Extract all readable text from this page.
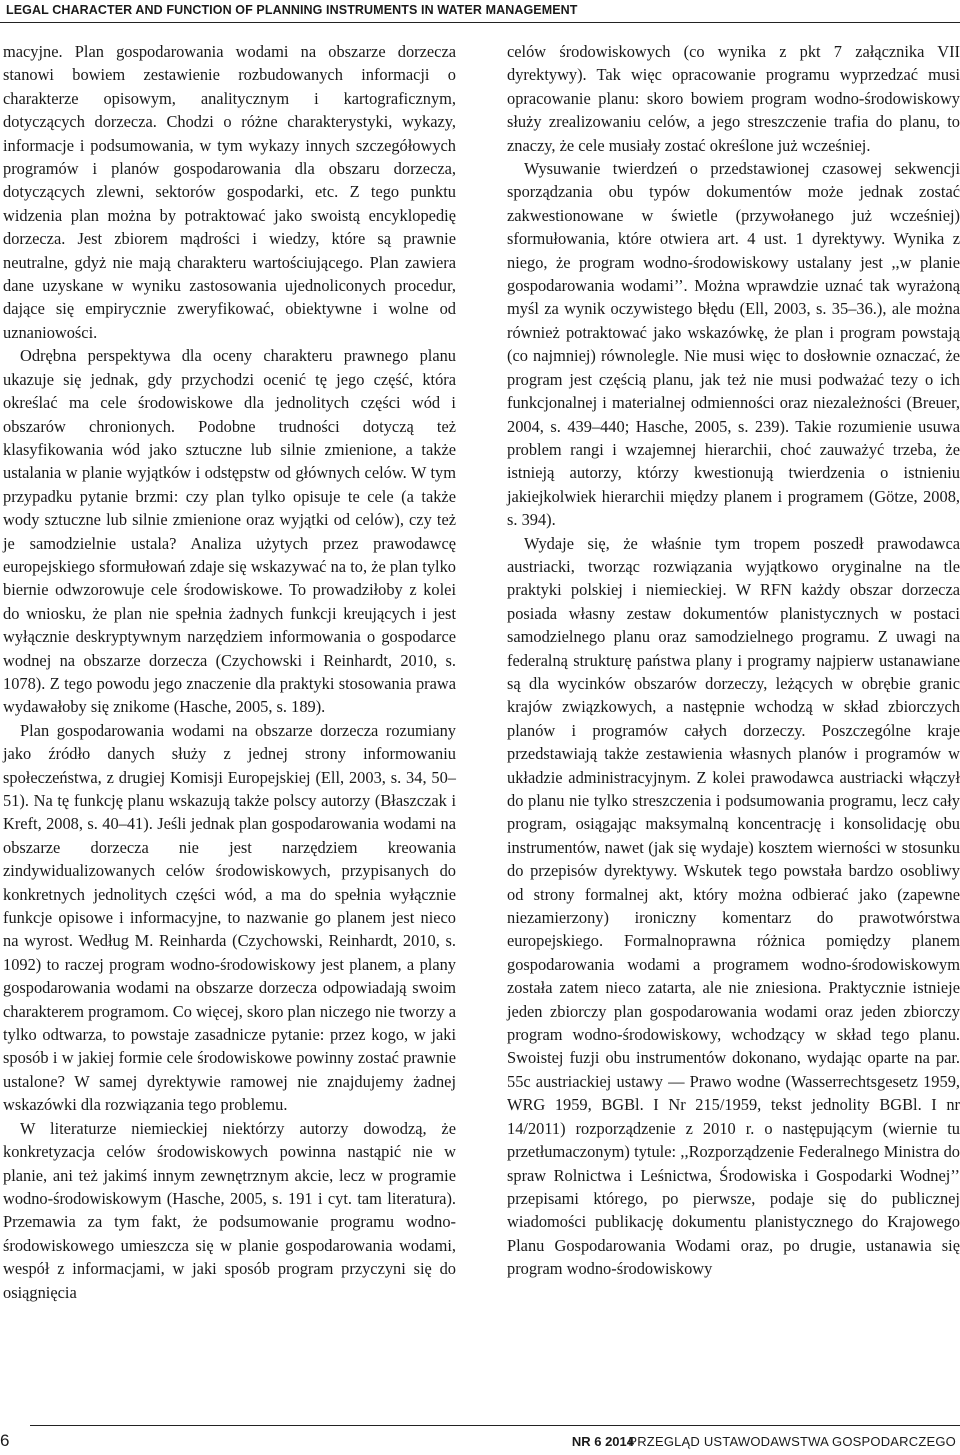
LEGAL CHARACTER AND FUNCTION OF PLANNING INSTRUMENTS IN WATER MANAGEMENT

macyjne. Plan gospodarowania wodami na obszarze dorzecza stanowi bowiem zestawienie rozbudowanych informacji o charakterze opisowym, analitycznym i kartograficznym, dotyczących dorzecza. Chodzi o różne charakterystyki, wykazy, informacje i podsumowania, w tym wykazy innych szczegółowych programów i planów gospodarowania dla obszaru dorzecza, dotyczących zlewni, sektorów gospodarki, etc. Z tego punktu widzenia plan można by potraktować jako swoistą encyklopedię dorzecza. Jest zbiorem mądrości i wiedzy, które są prawnie neutralne, gdyż nie mają charakteru wartościującego. Plan zawiera dane uzyskane w wyniku zastosowania ujednoliconych procedur, dające się empirycznie zweryfikować, obiektywne i wolne od uznaniowości.

Odrębna perspektywa dla oceny charakteru prawnego planu ukazuje się jednak, gdy przychodzi ocenić tę jego część, która określać ma cele środowiskowe dla jednolitych części wód i obszarów chronionych. Podobne trudności dotyczą też klasyfikowania wód jako sztuczne lub silnie zmienione, a także ustalania w planie wyjątków i odstępstw od głównych celów. W tym przypadku pytanie brzmi: czy plan tylko opisuje te cele (a także wody sztuczne lub silnie zmienione oraz wyjątki od celów), czy też je samodzielnie ustala? Analiza użytych przez prawodawcę europejskiego sformułowań zdaje się wskazywać na to, że plan tylko biernie odwzorowuje cele środowiskowe. To prowadziłoby z kolei do wniosku, że plan nie spełnia żadnych funkcji kreujących i jest wyłącznie deskryptywnym narzędziem informowania o gospodarce wodnej na obszarze dorzecza (Czychowski i Reinhardt, 2010, s. 1078). Z tego powodu jego znaczenie dla praktyki stosowania prawa wydawałoby się znikome (Hasche, 2005, s. 189).

Plan gospodarowania wodami na obszarze dorzecza rozumiany jako źródło danych służy z jednej strony informowaniu społeczeństwa, z drugiej Komisji Europejskiej (Ell, 2003, s. 34, 50–51). Na tę funkcję planu wskazują także polscy autorzy (Błaszczak i Kreft, 2008, s. 40–41). Jeśli jednak plan gospodarowania wodami na obszarze dorzecza nie jest narzędziem kreowania zindywidualizowanych celów środowiskowych, przypisanych do konkretnych jednolitych części wód, a ma do spełnia wyłącznie funkcje opisowe i informacyjne, to nazwanie go planem jest nieco na wyrost. Według M. Reinharda (Czychowski, Reinhardt, 2010, s. 1092) to raczej program wodno-środowiskowy jest planem, a plany gospodarowania wodami na obszarze dorzecza odpowiadają swoim charakterem programom. Co więcej, skoro plan niczego nie tworzy a tylko odtwarza, to powstaje zasadnicze pytanie: przez kogo, w jaki sposób i w jakiej formie cele środowiskowe powinny zostać prawnie ustalone? W samej dyrektywie ramowej nie znajdujemy żadnej wskazówki dla rozwiązania tego problemu.

W literaturze niemieckiej niektórzy autorzy dowodzą, że konkretyzacja celów środowiskowych powinna nastąpić nie w planie, ani też jakimś innym zewnętrznym akcie, lecz w programie wodno-środowiskowym (Hasche, 2005, s. 191 i cyt. tam literatura). Przemawia za tym fakt, że podsumowanie programu wodno-środowiskowego umieszcza się w planie gospodarowania wodami, wespół z informacjami, w jaki sposób program przyczyni się do osiągnięcia

celów środowiskowych (co wynika z pkt 7 załącznika VII dyrektywy). Tak więc opracowanie programu wyprzedzać musi opracowanie planu: skoro bowiem program wodno-środowiskowy służy zrealizowaniu celów, a jego streszczenie trafia do planu, to znaczy, że cele musiały zostać określone już wcześniej.

Wysuwanie twierdzeń o przedstawionej czasowej sekwencji sporządzania obu typów dokumentów może jednak zostać zakwestionowane w świetle (przywołanego już wcześniej) sformułowania, które otwiera art. 4 ust. 1 dyrektywy. Wynika z niego, że program wodno-środowiskowy ustalany jest ,,w planie gospodarowania wodami’’. Można wprawdzie uznać tak wyrażoną myśl za wynik oczywistego błędu (Ell, 2003, s. 35–36.), ale można również potraktować jako wskazówkę, że plan i program powstają (co najmniej) równolegle. Nie musi więc to dosłownie oznaczać, że program jest częścią planu, jak też nie musi podważać tezy o ich funkcjonalnej i materialnej odmienności oraz niezależności (Breuer, 2004, s. 439–440; Hasche, 2005, s. 239). Takie rozumienie usuwa problem rangi i wzajemnej hierarchii, choć zauważyć trzeba, że istnieją autorzy, którzy kwestionują twierdzenia o istnieniu jakiejkolwiek hierarchii między planem i programem (Götze, 2008, s. 394).

Wydaje się, że właśnie tym tropem poszedł prawodawca austriacki, tworząc rozwiązania wyjątkowo oryginalne na tle praktyki polskiej i niemieckiej. W RFN każdy obszar dorzecza posiada własny zestaw dokumentów planistycznych w postaci samodzielnego planu oraz samodzielnego programu. Z uwagi na federalną strukturę państwa plany i programy najpierw ustanawiane są dla wycinków obszarów dorzeczy, leżących w obrębie granic krajów związkowych, a następnie wchodzą w skład zbiorczych planów i programów całych dorzeczy. Poszczególne kraje przedstawiają także zestawienia własnych planów i programów w układzie administracyjnym. Z kolei prawodawca austriacki włączył do planu nie tylko streszczenia i podsumowania programu, lecz cały program, osiągając maksymalną koncentrację i konsolidację obu instrumentów, nawet (jak się wydaje) kosztem wierności w stosunku do przepisów dyrektywy. Wskutek tego powstała bardzo osobliwy od strony formalnej akt, który można odbierać jako (zapewne niezamierzony) ironiczny komentarz do prawotwórstwa europejskiego. Formalnoprawna różnica pomiędzy planem gospodarowania wodami a programem wodno-środowiskowym została zatem nieco zatarta, ale nie zniesiona. Praktycznie istnieje jeden zbiorczy plan gospodarowania wodami oraz jeden zbiorczy program wodno-środowiskowy, wchodzący w skład tego planu. Swoistej fuzji obu instrumentów dokonano, wydając oparte na par. 55c austriackiej ustawy — Prawo wodne (Wasserrechtsgesetz 1959, WRG 1959, BGBl. I Nr 215/1959, tekst jednolity BGBl. I nr 14/2011) rozporządzenie z 2010 r. o następującym (wiernie tu przetłumaczonym) tytule: ,,Rozporządzenie Federalnego Ministra do spraw Rolnictwa i Leśnictwa, Środowiska i Gospodarki Wodnej’’ przepisami którego, po pierwsze, podaje się do publicznej wiadomości publikację dokumentu planistycznego do Krajowego Planu Gospodarowania Wodami oraz, po drugie, ustanawia się program wodno-środowiskowy

6	NR 6 2014
PRZEGLĄD USTAWODAWSTWA GOSPODARCZEGO
